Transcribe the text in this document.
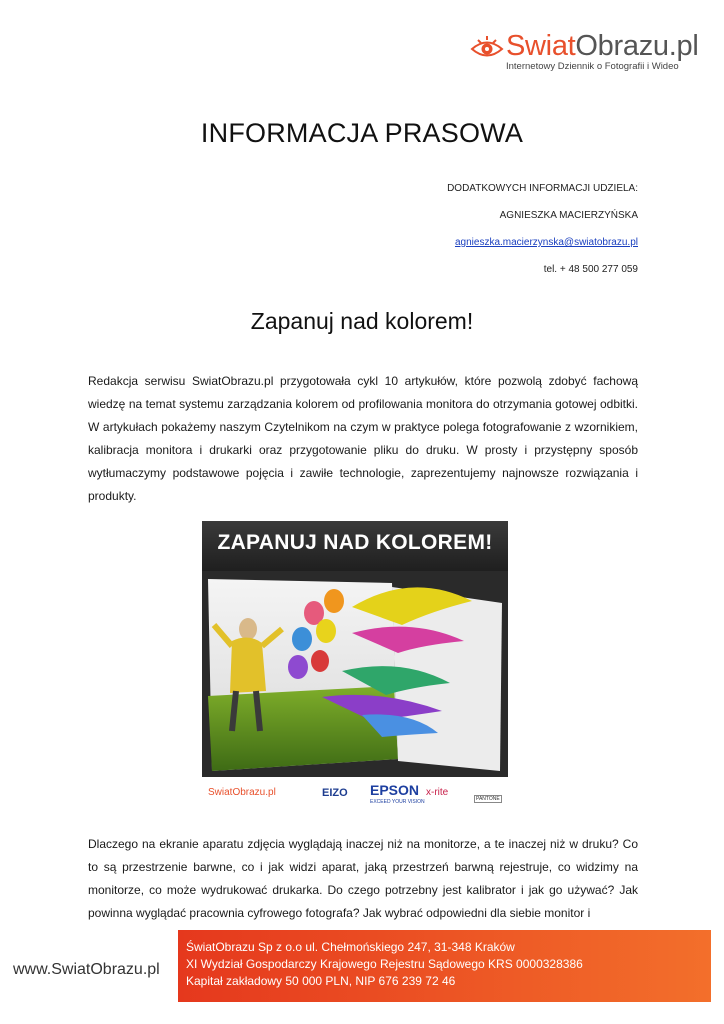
SwiatObrazu.pl
Internetowy Dziennik o Fotografii i Wideo
INFORMACJA PRASOWA
DODATKOWYCH INFORMACJI UDZIELA:
AGNIESZKA MACIERZYŃSKA
agnieszka.macierzynska@swiatobrazu.pl
tel. + 48 500 277 059
Zapanuj nad kolorem!
Redakcja serwisu SwiatObrazu.pl przygotowała cykl 10 artykułów, które pozwolą zdobyć fachową wiedzę na temat systemu zarządzania kolorem od profilowania monitora do otrzymania gotowej odbitki. W artykułach pokażemy naszym Czytelnikom na czym w praktyce polega fotografowanie z wzornikiem, kalibracja monitora i drukarki oraz przygotowanie pliku do druku. W prosty i przystępny sposób wytłumaczymy podstawowe pojęcia i zawiłe technologie, zaprezentujemy najnowsze rozwiązania i produkty.
ZAPANUJ NAD KOLOREM!
SwiatObrazu.pl	EIZO EPSON
EXCEED YOUR VISION
x-rite
PANTONE
Dlaczego na ekranie aparatu zdjęcia wyglądają inaczej niż na monitorze, a te inaczej niż w druku? Co to są przestrzenie barwne, co i jak widzi aparat, jaką przestrzeń barwną rejestruje, co widzimy na monitorze, co może wydrukować drukarka. Do czego potrzebny jest kalibrator i jak go używać? Jak powinna wyglądać pracownia cyfrowego fotografa? Jak wybrać odpowiedni dla siebie monitor i
www.SwiatObrazu.pl
ŚwiatObrazu Sp z o.o ul. Chełmońskiego 247, 31-348 Kraków
XI Wydział Gospodarczy Krajowego Rejestru Sądowego KRS 0000328386
Kapitał zakładowy 50 000 PLN, NIP 676 239 72 46
